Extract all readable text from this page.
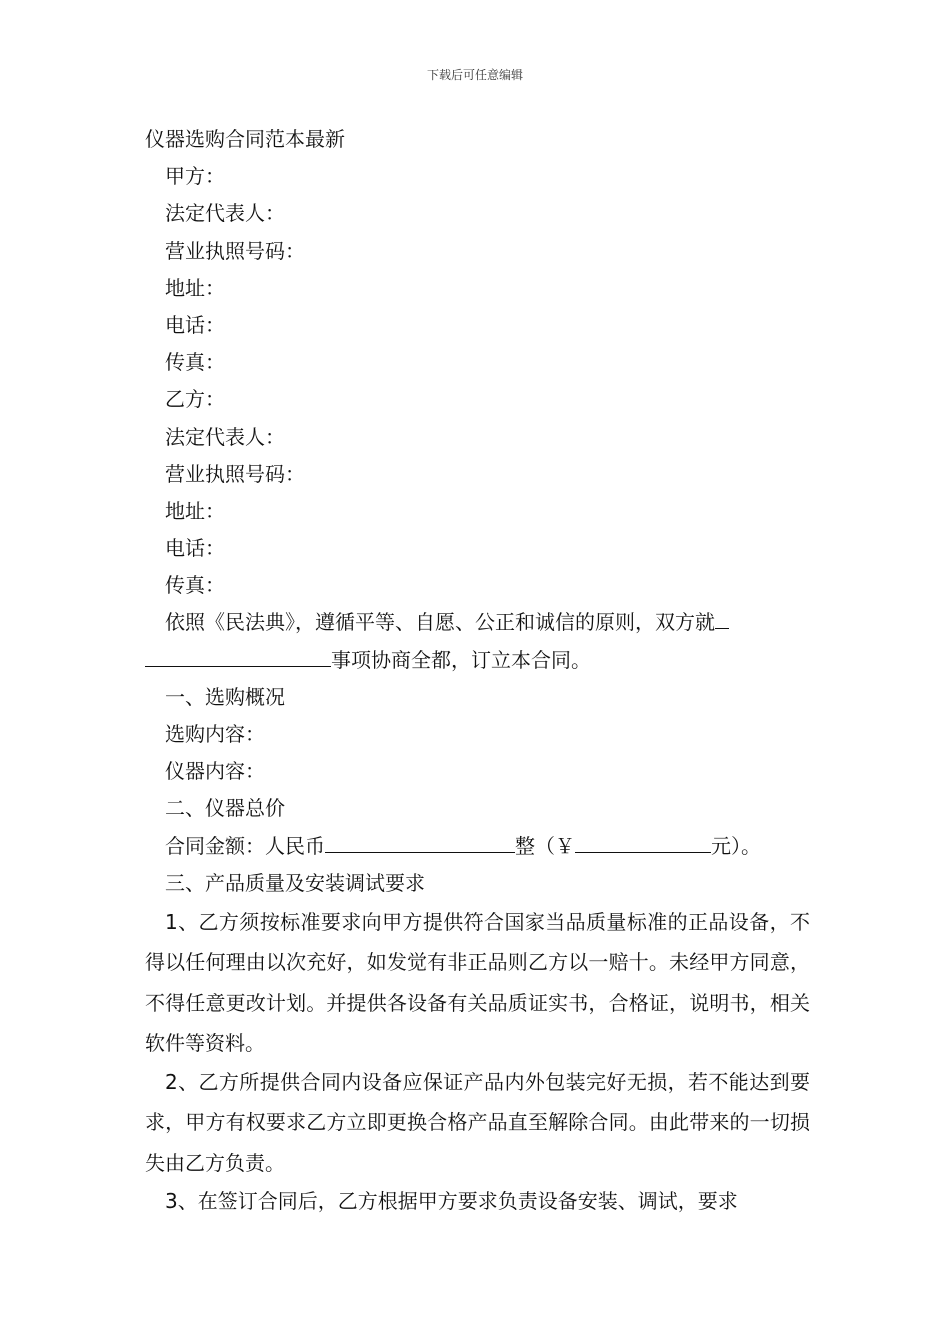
下载后可任意编辑
仪器选购合同范本最新
甲方：
法定代表人：
营业执照号码：
地址：
电话：
传真：
乙方：
法定代表人：
营业执照号码：
地址：
电话：
传真：
依照《民法典》，遵循平等、自愿、公正和诚信的原则，双方就
事项协商全都，订立本合同。
一、选购概况
选购内容：
仪器内容：
二、仪器总价
合同金额：人民币	整（￥	元）。
三、产品质量及安装调试要求

1、乙方须按标准要求向甲方提供符合国家当品质量标准的正品设备，不得以任何理由以次充好，如发觉有非正品则乙方以一赔十。未经甲方同意，不得任意更改计划。并提供各设备有关品质证实书，合格证，说明书，相关软件等资料。

2、乙方所提供合同内设备应保证产品内外包装完好无损，若不能达到要求，甲方有权要求乙方立即更换合格产品直至解除合同。由此带来的一切损失由乙方负责。

3、在签订合同后，乙方根据甲方要求负责设备安装、调试，要求
